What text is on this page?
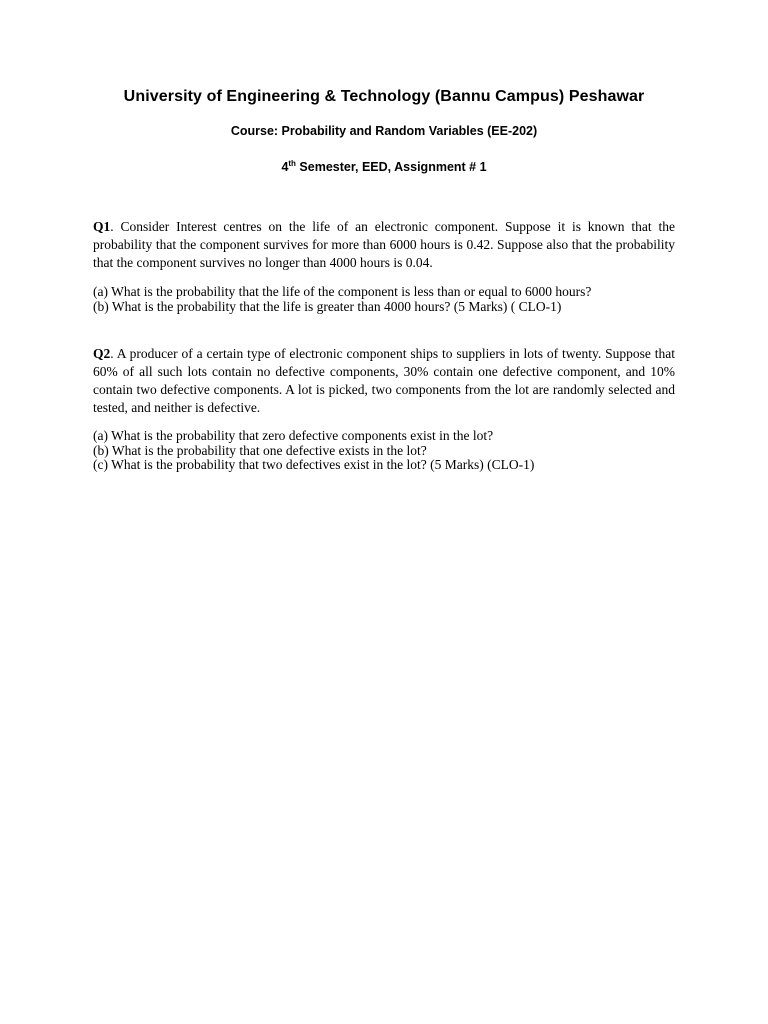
University of Engineering & Technology (Bannu Campus) Peshawar
Course: Probability and Random Variables (EE-202)
4th Semester, EED, Assignment # 1
Q1. Consider Interest centres on the life of an electronic component. Suppose it is known that the probability that the component survives for more than 6000 hours is 0.42. Suppose also that the probability that the component survives no longer than 4000 hours is 0.04.
(a) What is the probability that the life of the component is less than or equal to 6000 hours?
(b) What is the probability that the life is greater than 4000 hours? (5 Marks) ( CLO-1)
Q2. A producer of a certain type of electronic component ships to suppliers in lots of twenty. Suppose that 60% of all such lots contain no defective components, 30% contain one defective component, and 10% contain two defective components. A lot is picked, two components from the lot are randomly selected and tested, and neither is defective.
(a) What is the probability that zero defective components exist in the lot?
(b) What is the probability that one defective exists in the lot?
(c) What is the probability that two defectives exist in the lot? (5 Marks) (CLO-1)
